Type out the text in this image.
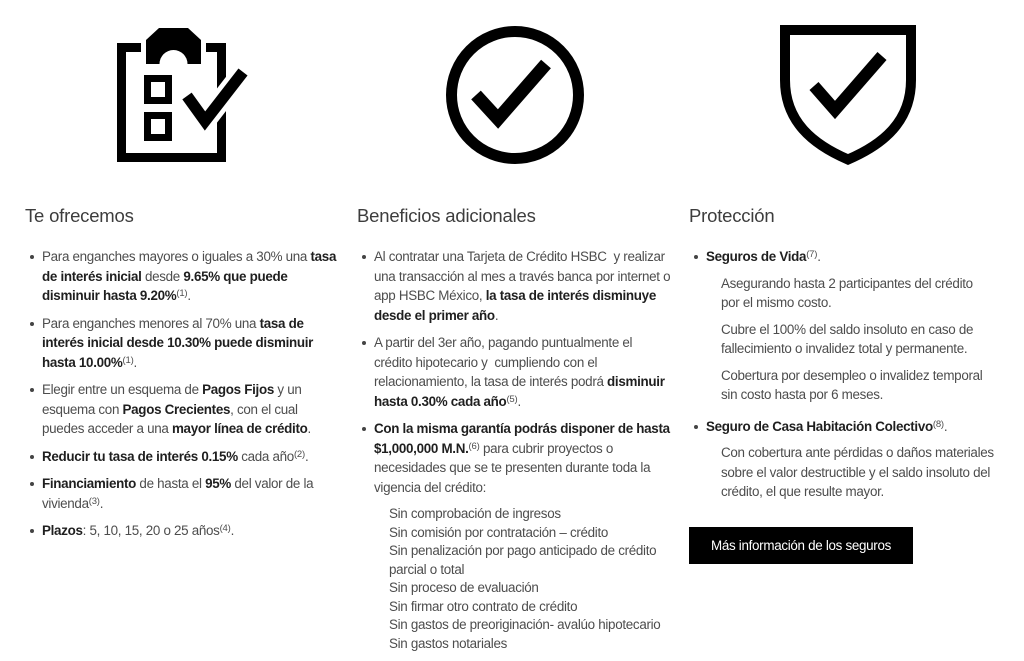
Te ofrecemos
Para enganches mayores o iguales a 30% una tasa de interés inicial desde 9.65% que puede disminuir hasta 9.20%$^{(1)}$.
Para enganches menores al 70% una tasa de interés inicial desde 10.30% puede disminuir hasta 10.00%$^{(1)}$.
Elegir entre un esquema de Pagos Fijos y un esquema con Pagos Crecientes, con el cual puedes acceder a una mayor línea de crédito.
Reducir tu tasa de interés 0.15% cada año$^{(2)}$.
Financiamiento de hasta el 95% del valor de la vivienda$^{(3)}$.
Plazos: 5, 10, 15, 20 o 25 años$^{(4)}$.
Beneficios adicionales
Al contratar una Tarjeta de Crédito HSBC  y realizar una transacción al mes a través banca por internet o app HSBC México, la tasa de interés disminuye desde el primer año.
A partir del 3er año, pagando puntualmente el crédito hipotecario y  cumpliendo con el relacionamiento, la tasa de interés podrá disminuir hasta 0.30% cada año$^{(5)}$.
Con la misma garantía podrás disponer de hasta $1,000,000 M.N.$^{(6)}$ para cubrir proyectos o necesidades que se te presenten durante toda la vigencia del crédito:
Sin comprobación de ingresos
Sin comisión por contratación – crédito
Sin penalización por pago anticipado de crédito parcial o total
Sin proceso de evaluación
Sin firmar otro contrato de crédito
Sin gastos de preoriginación- avalúo hipotecario
Sin gastos notariales
Protección
Seguros de Vida$^{(7)}$.

Asegurando hasta 2 participantes del crédito por el mismo costo.

Cubre el 100% del saldo insoluto en caso de fallecimiento o invalidez total y permanente.

Cobertura por desempleo o invalidez temporal sin costo hasta por 6 meses.

Seguro de Casa Habitación Colectivo$^{(8)}$.

Con cobertura ante pérdidas o daños materiales sobre el valor destructible y el saldo insoluto del crédito, el que resulte mayor.

Más información de los seguros
